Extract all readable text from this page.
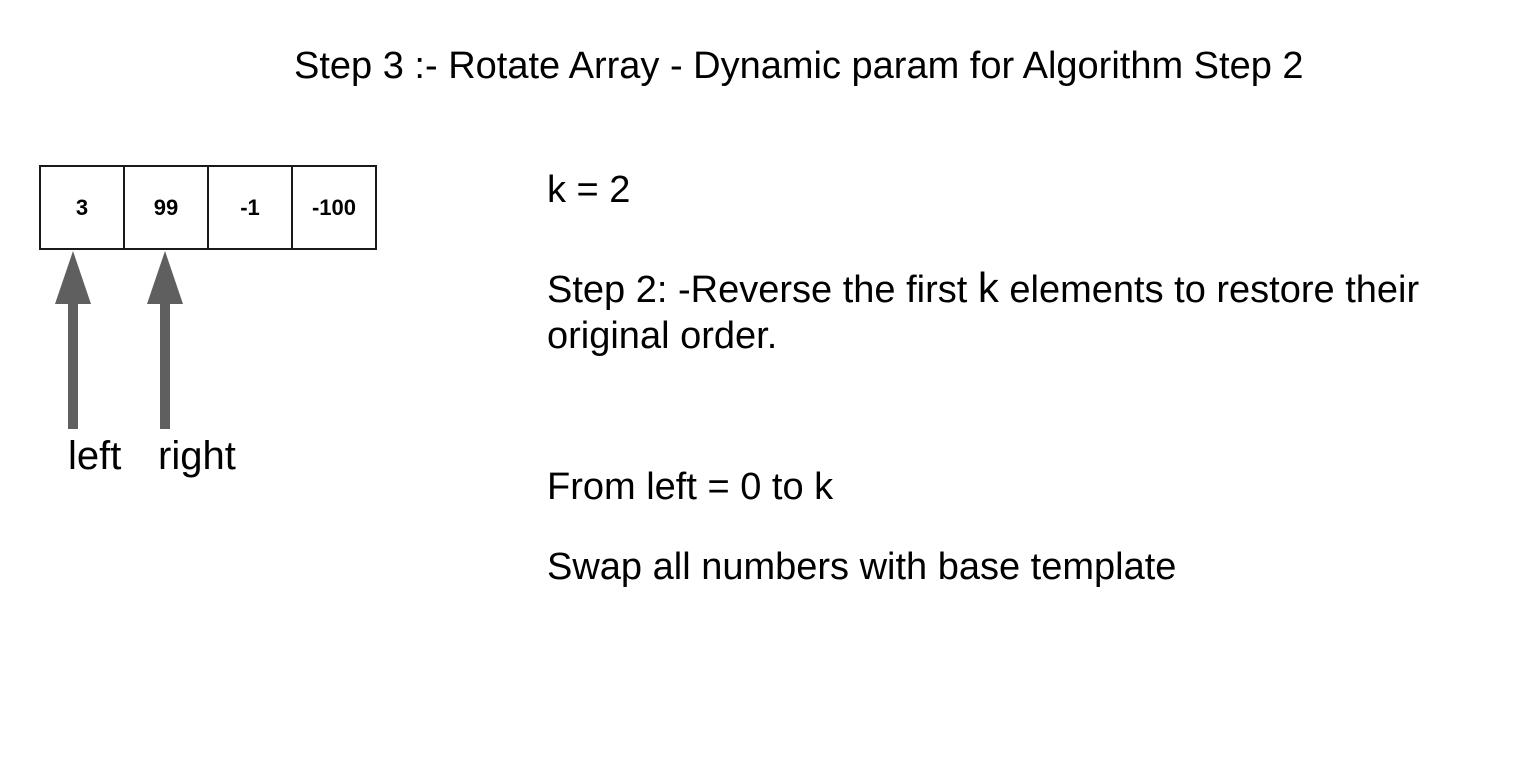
Step 3 :- Rotate Array - Dynamic param for Algorithm Step 2
3	99	-1	-100
left right
k = 2
Step 2: -Reverse the first k elements to restore their original order.
From left = 0 to k
Swap all numbers with base template
